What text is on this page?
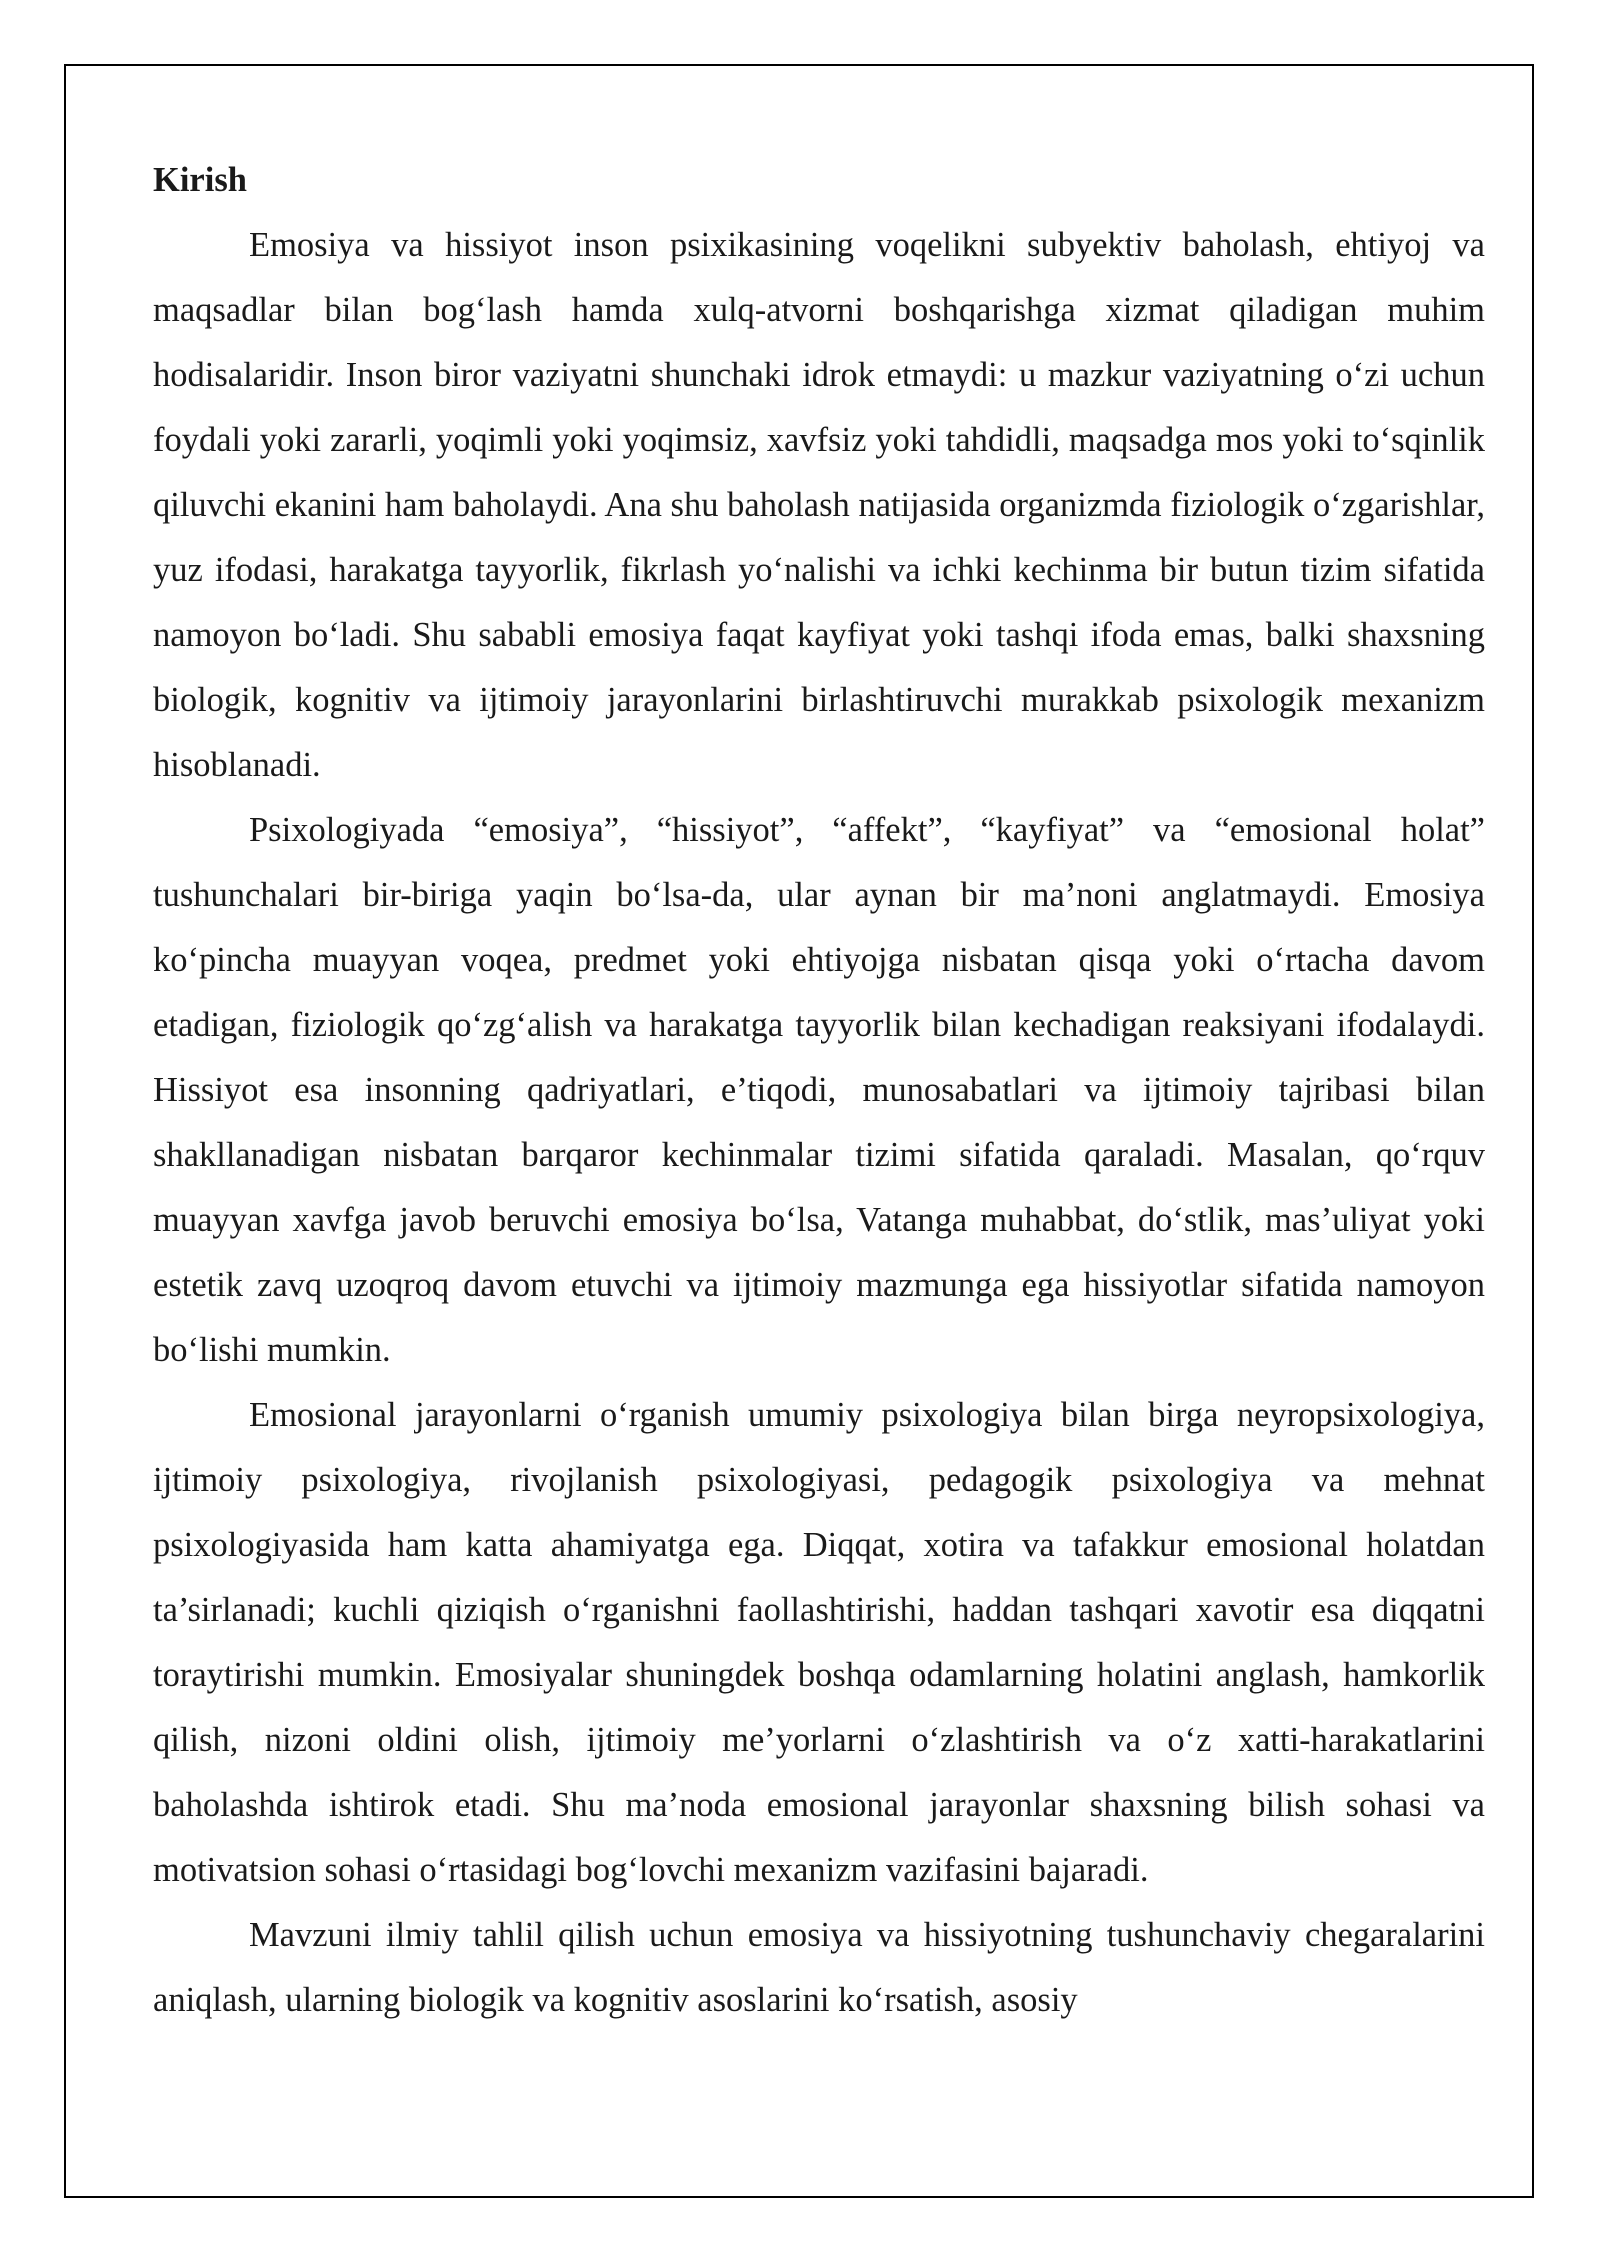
Kirish

Emosiya va hissiyot inson psixikasining voqelikni subyektiv baholash, ehtiyoj va maqsadlar bilan bog‘lash hamda xulq-atvorni boshqarishga xizmat qiladigan muhim hodisalaridir. Inson biror vaziyatni shunchaki idrok etmaydi: u mazkur vaziyatning o‘zi uchun foydali yoki zararli, yoqimli yoki yoqimsiz, xavfsiz yoki tahdidli, maqsadga mos yoki to‘sqinlik qiluvchi ekanini ham baholaydi. Ana shu baholash natijasida organizmda fiziologik o‘zgarishlar, yuz ifodasi, harakatga tayyorlik, fikrlash yo‘nalishi va ichki kechinma bir butun tizim sifatida namoyon bo‘ladi. Shu sababli emosiya faqat kayfiyat yoki tashqi ifoda emas, balki shaxsning biologik, kognitiv va ijtimoiy jarayonlarini birlashtiruvchi murakkab psixologik mexanizm hisoblanadi.

Psixologiyada “emosiya”, “hissiyot”, “affekt”, “kayfiyat” va “emosional holat” tushunchalari bir-biriga yaqin bo‘lsa-da, ular aynan bir ma’noni anglatmaydi. Emosiya ko‘pincha muayyan voqea, predmet yoki ehtiyojga nisbatan qisqa yoki o‘rtacha davom etadigan, fiziologik qo‘zg‘alish va harakatga tayyorlik bilan kechadigan reaksiyani ifodalaydi. Hissiyot esa insonning qadriyatlari, e’tiqodi, munosabatlari va ijtimoiy tajribasi bilan shakllanadigan nisbatan barqaror kechinmalar tizimi sifatida qaraladi. Masalan, qo‘rquv muayyan xavfga javob beruvchi emosiya bo‘lsa, Vatanga muhabbat, do‘stlik, mas’uliyat yoki estetik zavq uzoqroq davom etuvchi va ijtimoiy mazmunga ega hissiyotlar sifatida namoyon bo‘lishi mumkin.

Emosional jarayonlarni o‘rganish umumiy psixologiya bilan birga neyropsixologiya, ijtimoiy psixologiya, rivojlanish psixologiyasi, pedagogik psixologiya va mehnat psixologiyasida ham katta ahamiyatga ega. Diqqat, xotira va tafakkur emosional holatdan ta’sirlanadi; kuchli qiziqish o‘rganishni faollashtirishi, haddan tashqari xavotir esa diqqatni toraytirishi mumkin. Emosiyalar shuningdek boshqa odamlarning holatini anglash, hamkorlik qilish, nizoni oldini olish, ijtimoiy me’yorlarni o‘zlashtirish va o‘z xatti-harakatlarini baholashda ishtirok etadi. Shu ma’noda emosional jarayonlar shaxsning bilish sohasi va motivatsion sohasi o‘rtasidagi bog‘lovchi mexanizm vazifasini bajaradi.

Mavzuni ilmiy tahlil qilish uchun emosiya va hissiyotning tushunchaviy chegaralarini aniqlash, ularning biologik va kognitiv asoslarini ko‘rsatish, asosiy
